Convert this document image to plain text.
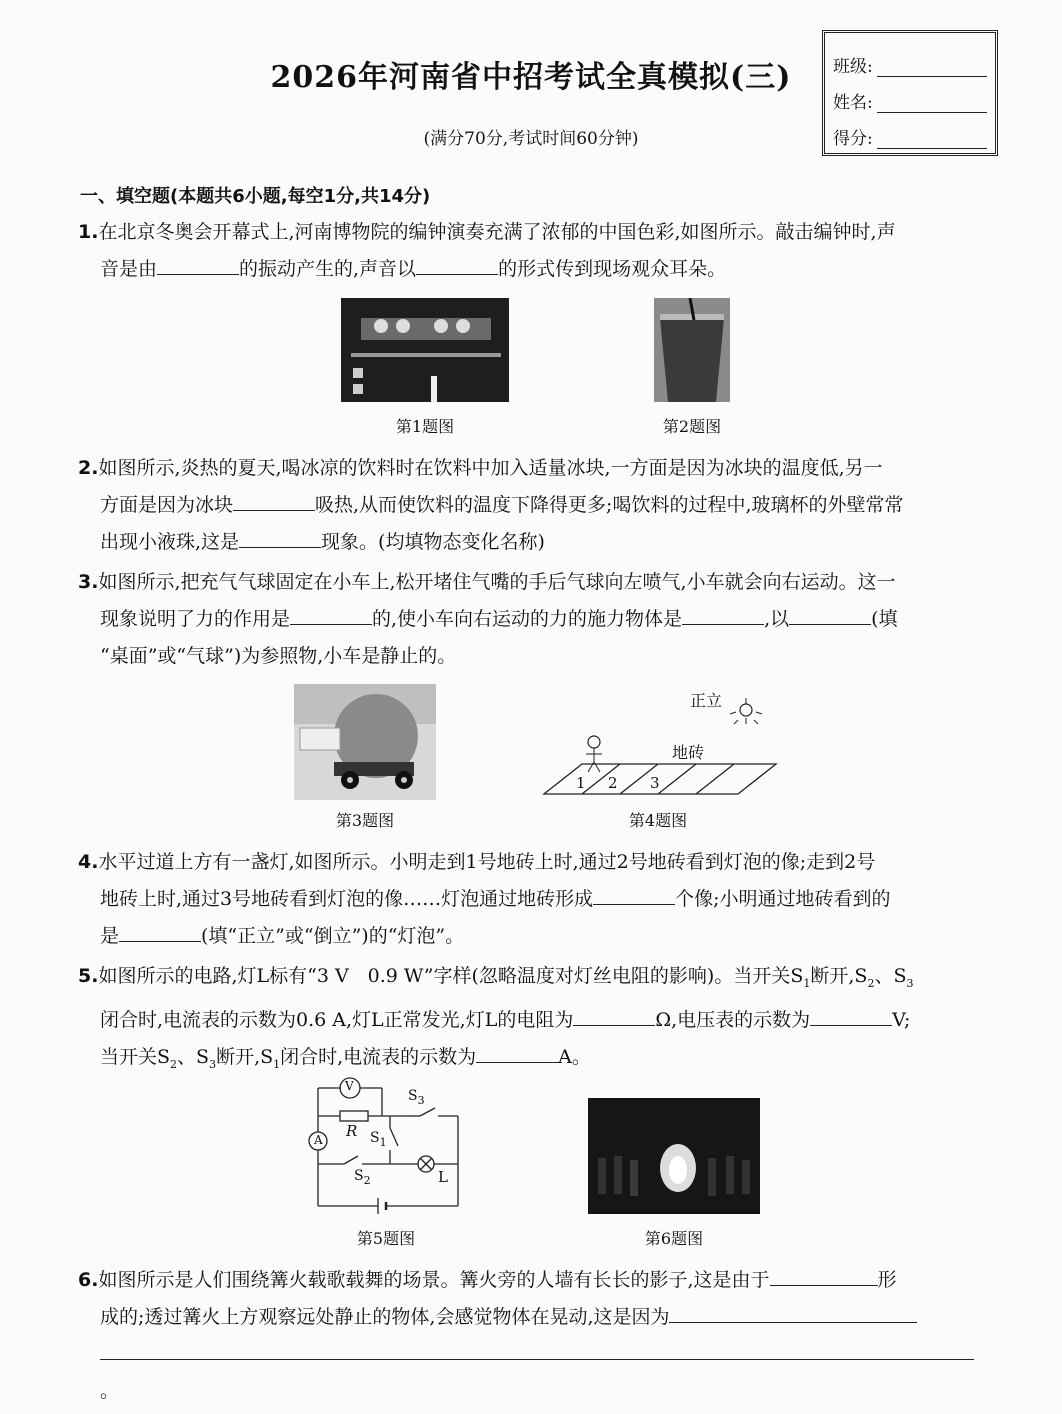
2026年河南省中招考试全真模拟(三)
(满分70分,考试时间60分钟)
班级:
姓名:
得分:
一、填空题(本题共6小题,每空1分,共14分)
1.在北京冬奥会开幕式上,河南博物院的编钟演奏充满了浓郁的中国色彩,如图所示。敲击编钟时,声
音是由	的振动产生的,声音以	的形式传到现场观众耳朵。
第1题图	第2题图
2.如图所示,炎热的夏天,喝冰凉的饮料时在饮料中加入适量冰块,一方面是因为冰块的温度低,另一
方面是因为冰块	吸热,从而使饮料的温度下降得更多;喝饮料的过程中,玻璃杯的外壁常常
出现小液珠,这是	现象。(均填物态变化名称)
3.如图所示,把充气气球固定在小车上,松开堵住气嘴的手后气球向左喷气,小车就会向右运动。这一
现象说明了力的作用是	的,使小车向右运动的力的施力物体是	,以	(填
“桌面”或“气球”)为参照物,小车是静止的。
第3题图
正立
地砖
1 2 3
第4题图
4.水平过道上方有一盏灯,如图所示。小明走到1号地砖上时,通过2号地砖看到灯泡的像;走到2号
地砖上时,通过3号地砖看到灯泡的像……灯泡通过地砖形成	个像;小明通过地砖看到的
是	(填“正立”或“倒立”)的“灯泡”。
5.如图所示的电路,灯L标有“3 V　0.9 W”字样(忽略温度对灯丝电阻的影响)。当开关$S_1$断开$,S_2$、$S_3$
闭合时,电流表的示数为0.6 A,灯L正常发光,灯L的电阻为	Ω,电压表的示数为	V;
当开关$S_2$、$S_3$断开$,S_1$闭合时,电流表的示数为	A。
V
A R
$S_3$
$S_1$
$S_2$	L
第5题图	第6题图
6.如图所示是人们围绕篝火载歌载舞的场景。篝火旁的人墙有长长的影子,这是由于	形
成的;透过篝火上方观察远处静止的物体,会感觉物体在晃动,这是因为
。
